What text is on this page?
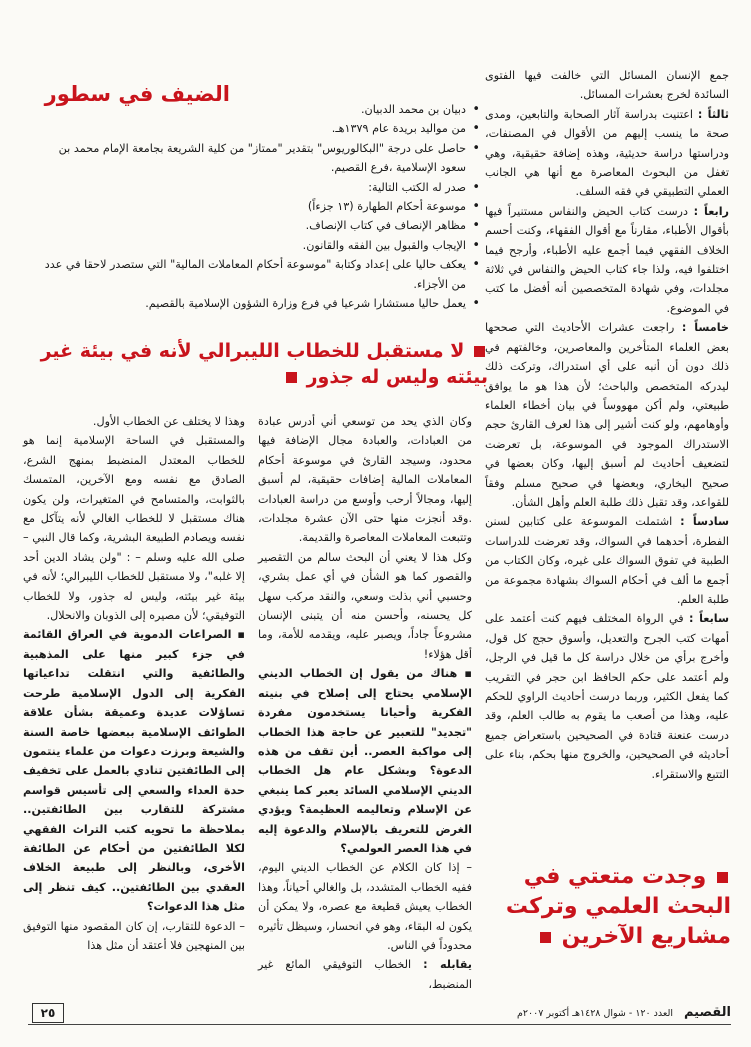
جمع الإنسان المسائل التي خالفت فيها الفتوى السائدة لخرج بعشرات المسائل.

ثالثاً : اعتنيت بدراسة آثار الصحابة والتابعين، ومدى صحة ما ينسب إليهم من الأقوال في المصنفات، ودراستها دراسة حديثية، وهذه إضافة حقيقية، وهي تغفل من البحوث المعاصرة مع أنها هي الجانب العملي التطبيقي في فقه السلف.

رابعاً : درست كتاب الحيض والنفاس مستنيراً فيها بأقوال الأطباء، مقارناً مع أقوال الفقهاء، وكنت أحسم الخلاف الفقهي فيما أجمع عليه الأطباء، وأرجح فيما اختلفوا فيه، ولذا جاء كتاب الحيض والنفاس في ثلاثة مجلدات، وفي شهادة المتخصصين أنه أفضل ما كتب في الموضوع.

خامساً : راجعت عشرات الأحاديث التي صححها بعض العلماء المتأخرين والمعاصرين، وخالفتهم في ذلك دون أن أنبه على أي استدراك، وتركت ذلك ليدركه المتخصص والباحث؛ لأن هذا هو ما يوافق طبيعتي، ولم أكن مهووساً في بيان أخطاء العلماء وأوهامهم، ولو كنت أشير إلى هذا لعرف القارئ حجم الاستدراك الموجود في الموسوعة، بل تعرضت لتضعيف أحاديث لم أسبق إليها، وكان بعضها في صحيح البخاري، وبعضها في صحيح مسلم وفقاً للقواعد، وقد تقبل ذلك طلبة العلم وأهل الشأن.

سادساً : اشتملت الموسوعة على كتابين لسنن الفطرة، أحدهما في السواك، وقد تعرضت للدراسات الطبية في تفوق السواك على غيره، وكان الكتاب من أجمع ما ألف في أحكام السواك بشهادة مجموعة من طلبة العلم.

سابعاً : في الرواة المختلف فيهم كنت أعتمد على أمهات كتب الجرح والتعديل، وأسوق حجج كل قول، وأخرج برأي من خلال دراسة كل ما قيل في الرجل، ولم أعتمد على حكم الحافظ ابن حجر في التقريب كما يفعل الكثير، وربما درست أحاديث الراوي للحكم عليه، وهذا من أصعب ما يقوم به طالب العلم، وقد درست عنعنة قتادة في الصحيحين باستعراض جميع أحاديثه في الصحيحين، والخروج منها بحكم، بناء على التتبع والاستقراء.

الضيف في سطور
• دبيان بن محمد الدبيان.
• من مواليد بريدة عام ١٣٧٩هـ.
• حاصل على درجة "البكالوريوس" بتقدير "ممتاز" من كلية الشريعة بجامعة الإمام محمد بن سعود الإسلامية ،فرع القصيم.
• صدر له الكتب التالية:
• موسوعة أحكام الطهارة (١٣ جزءاً)
• مظاهر الإنصاف في كتاب الإنصاف.
• الإيجاب والقبول بين الفقه والقانون.
• يعكف حاليا على إعداد وكتابة "موسوعة أحكام المعاملات المالية" التي ستصدر لاحقا في عدد من الأجزاء.
• يعمل حاليا مستشارا شرعيا في فرع وزارة الشؤون الإسلامية بالقصيم.
لا مستقبل للخطاب الليبرالي لأنه في بيئة غير بيئته وليس له جذور

وكان الذي يحد من توسعي أني أدرس عبادة من العبادات، والعبادة مجال الإضافة فيها محدود، وسيجد القارئ في موسوعة أحكام المعاملات المالية إضافات حقيقية، لم أسبق إليها، ومجالاً أرحب وأوسع من دراسة العبادات .وقد أنجزت منها حتى الآن عشرة مجلدات، وتتبعت المعاملات المعاصرة والقديمة.

وكل هذا لا يعني أن البحث سالم من التقصير والقصور كما هو الشأن في أي عمل بشري، وحسبي أني بذلت وسعي، والنقد مركب سهل كل يحسنه، وأحسن منه أن يتبنى الإنسان مشروعاً جاداً، ويصبر عليه، ويقدمه للأمة، وما أقل هؤلاء!

▪ هناك من يقول إن الخطاب الديني الإسلامي يحتاج إلى إصلاح في بنيته الفكرية وأحيانا يستخدمون مفردة "تجديد" للتعبير عن حاجة هذا الخطاب إلى مواكبة العصر.. أين تقف من هذه الدعوة؟ وبشكل عام هل الخطاب الديني الإسلامي السائد يعبر كما ينبغي عن الإسلام وتعاليمه العظيمة؟ ويؤدي الغرض للتعريف بالإسلام والدعوة إليه في هذا العصر العولمي؟

– إذا كان الكلام عن الخطاب الديني اليوم، ففيه الخطاب المتشدد، بل والغالي أحياناً، وهذا الخطاب يعيش قطيعة مع عصره، ولا يمكن أن يكون له البقاء، وهو في انحسار، وسيظل تأثيره محدوداً في الناس.

يقابله : الخطاب التوفيقي المائع غير المنضبط،

وهذا لا يختلف عن الخطاب الأول.

والمستقبل في الساحة الإسلامية إنما هو للخطاب المعتدل المنضبط بمنهج الشرع، الصادق مع نفسه ومع الآخرين، المتمسك بالثوابت، والمتسامح في المتغيرات، ولن يكون هناك مستقبل لا للخطاب الغالي لأنه يتآكل مع نفسه ويصادم الطبيعة البشرية، وكما قال النبي – صلى الله عليه وسلم – : "ولن يشاد الدين أحد إلا غلبه"، ولا مستقبل للخطاب الليبرالي؛ لأنه في بيئة غير بيئته، وليس له جذور، ولا للخطاب التوفيقي؛ لأن مصيره إلى الذوبان والانحلال.

▪ الصراعات الدموية في العراق القائمة في جزء كبير منها على المذهبية والطائفية والتي انتقلت تداعياتها الفكرية إلى الدول الإسلامية طرحت تساؤلات عديدة وعميقة بشأن علاقة الطوائف الإسلامية ببعضها خاصة السنة والشيعة وبرزت دعوات من علماء ينتمون إلى الطائفتين تنادي بالعمل على تخفيف حدة العداء والسعي إلى تأسيس قواسم مشتركة للتقارب بين الطائفتين.. بملاحظة ما تحويه كتب التراث الفقهي لكلا الطائفتين من أحكام عن الطائفة الأخرى، وبالنظر إلى طبيعة الخلاف العقدي بين الطائفتين.. كيف تنظر إلى مثل هذا الدعوات؟

– الدعوة للتقارب، إن كان المقصود منها التوفيق بين المنهجين فلا أعتقد أن مثل هذا

وجدت متعتي في البحث العلمي وتركت مشاريع الآخرين
القصيم
العدد ١٢٠ - شوال ١٤٢٨هـ أكتوبر ٢٠٠٧م
٢٥
